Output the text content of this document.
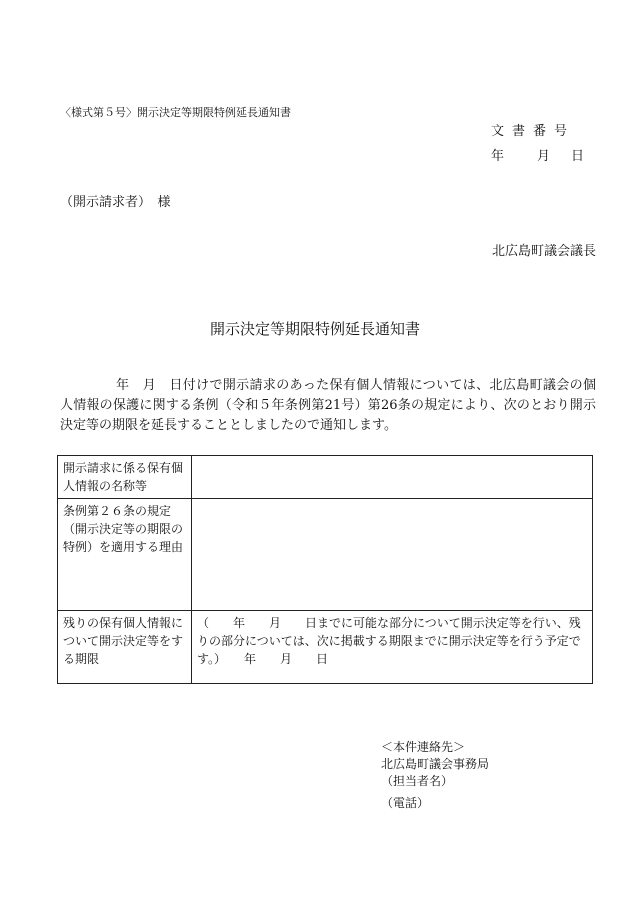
〈様式第５号〉開示決定等期限特例延長通知書
文書番号
年	月 日
（開示請求者）　様
北広島町議会議長
開示決定等期限特例延長通知書
年　月　日付けで開示請求のあった保有個人情報については、北広島町議会の個人情報の保護に関する条例（令和５年条例第21号）第26条の規定により、次のとおり開示決定等の期限を延長することとしましたので通知します。
開示請求に係る保有個人情報の名称等	
条例第２６条の規定（開示決定等の期限の特例）を適用する理由	
残りの保有個人情報について開示決定等をする期限	（　　年　　月　　日までに可能な部分について開示決定等を行い、残りの部分については、次に掲載する期限までに開示決定等を行う予定です。）　　年　　月　　日
＜本件連絡先＞
北広島町議会事務局
（担当者名）
（電話）
